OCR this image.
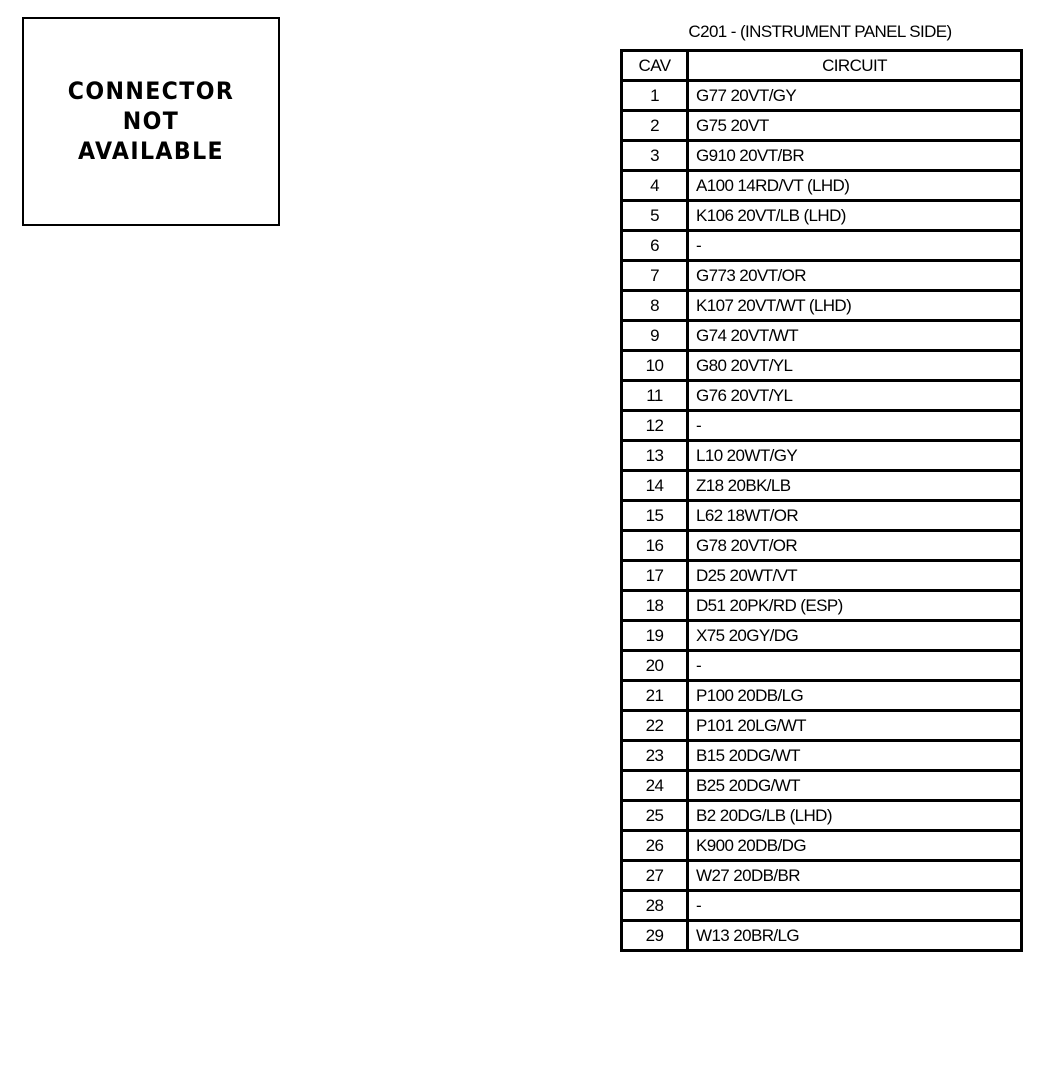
CONNECTOR
NOT
AVAILABLE
C201 - (INSTRUMENT PANEL SIDE)
CAV	CIRCUIT
1	G77 20VT/GY
2	G75 20VT
3	G910 20VT/BR
4	A100 14RD/VT (LHD)
5	K106 20VT/LB (LHD)
6	-
7	G773 20VT/OR
8	K107 20VT/WT (LHD)
9	G74 20VT/WT
10	G80 20VT/YL
11	G76 20VT/YL
12	-
13	L10 20WT/GY
14	Z18 20BK/LB
15	L62 18WT/OR
16	G78 20VT/OR
17	D25 20WT/VT
18	D51 20PK/RD (ESP)
19	X75 20GY/DG
20	-
21	P100 20DB/LG
22	P101 20LG/WT
23	B15 20DG/WT
24	B25 20DG/WT
25	B2 20DG/LB (LHD)
26	K900 20DB/DG
27	W27 20DB/BR
28	-
29	W13 20BR/LG
